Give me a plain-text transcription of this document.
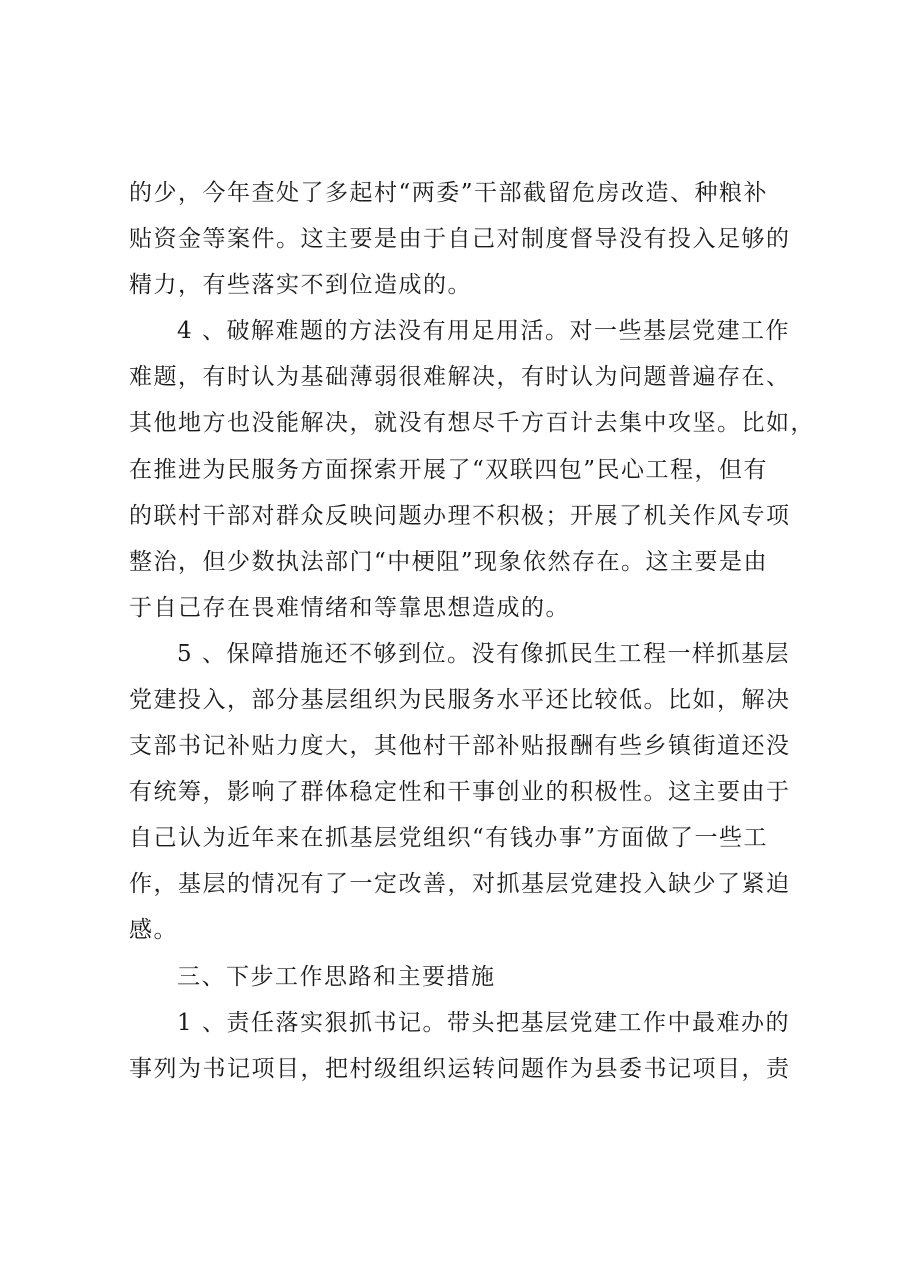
的少，今年查处了多起村“两委”干部截留危房改造、种粮补
贴资金等案件。这主要是由于自己对制度督导没有投入足够的
精力，有些落实不到位造成的。
4 、破解难题的方法没有用足用活。对一些基层党建工作
难题，有时认为基础薄弱很难解决，有时认为问题普遍存在、
其他地方也没能解决，就没有想尽千方百计去集中攻坚。比如，
在推进为民服务方面探索开展了“双联四包”民心工程，但有
的联村干部对群众反映问题办理不积极；开展了机关作风专项
整治，但少数执法部门“中梗阻”现象依然存在。这主要是由
于自己存在畏难情绪和等靠思想造成的。
5 、保障措施还不够到位。没有像抓民生工程一样抓基层
党建投入，部分基层组织为民服务水平还比较低。比如，解决
支部书记补贴力度大，其他村干部补贴报酬有些乡镇街道还没
有统筹，影响了群体稳定性和干事创业的积极性。这主要由于
自己认为近年来在抓基层党组织“有钱办事”方面做了一些工
作，基层的情况有了一定改善，对抓基层党建投入缺少了紧迫
感。
三、下步工作思路和主要措施
1 、责任落实狠抓书记。带头把基层党建工作中最难办的
事列为书记项目，把村级组织运转问题作为县委书记项目，责
